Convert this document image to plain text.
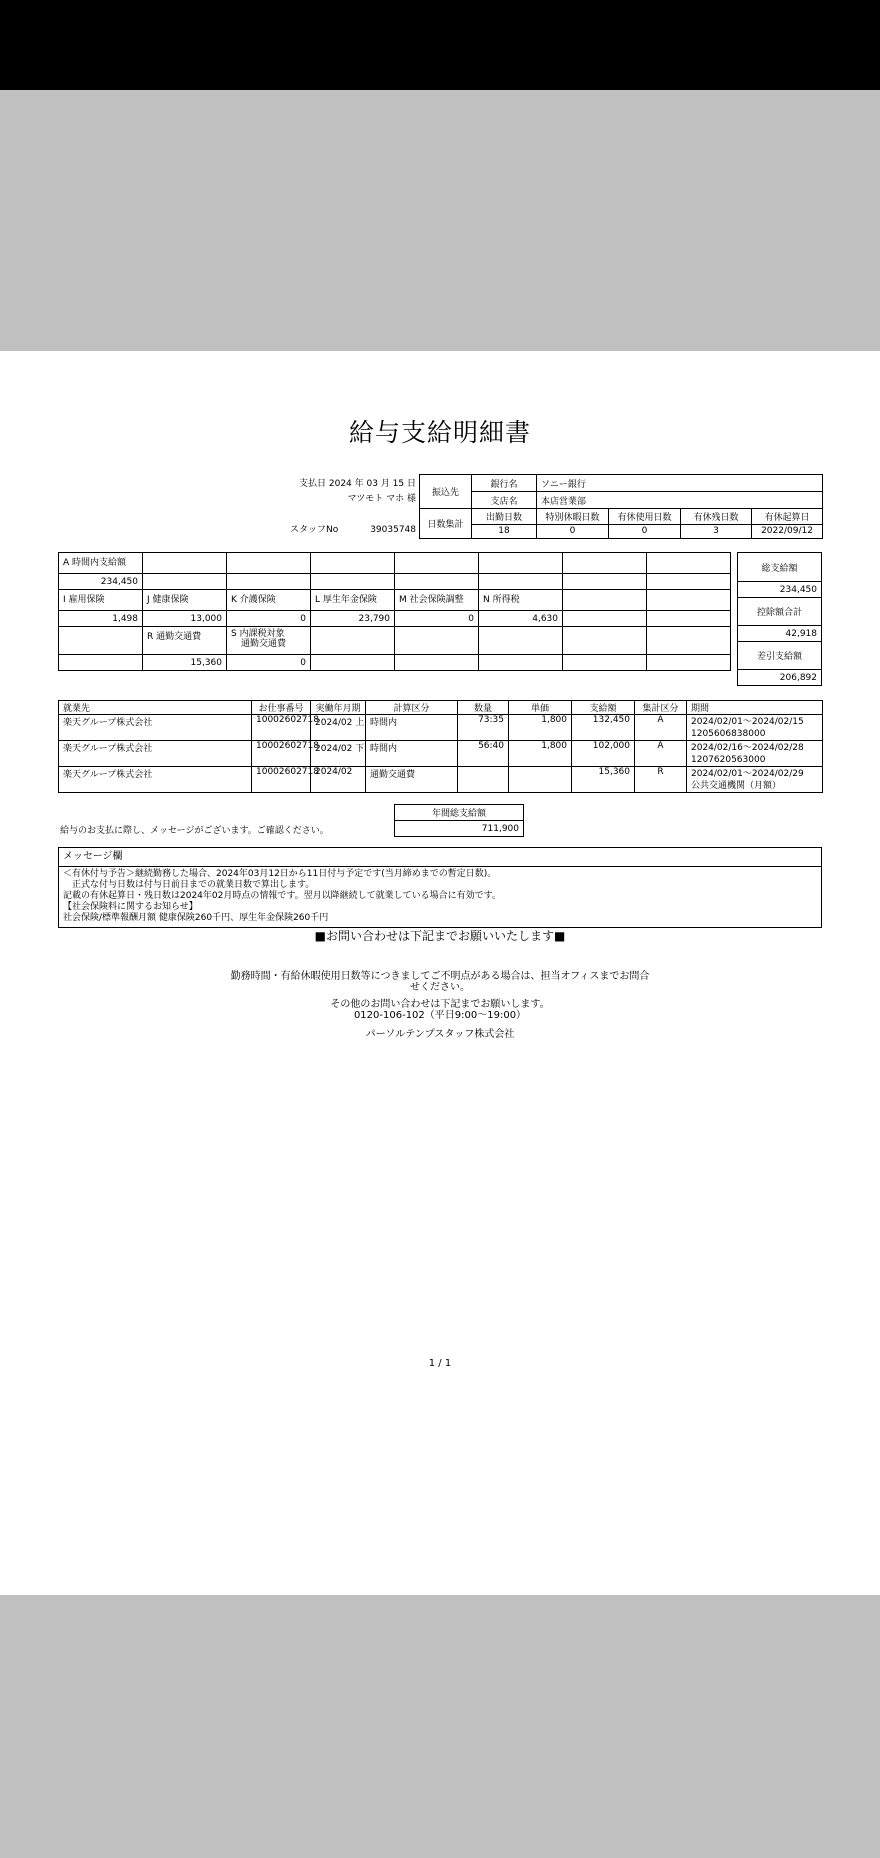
給与支給明細書
支払日 2024 年 03 月 15 日
マツモト マホ 様
スタッフNo	39035748
振込先	銀行名	ソニー銀行			
	支店名	本店営業部			
日数集計	出勤日数	特別休暇日数	有休使用日数	有休残日数	有休起算日
	18	0	0	3	2022/09/12
A 時間内支給額							
234,450							
I 雇用保険	J 健康保険	K 介護保険	L 厚生年金保険	M 社会保険調整	N 所得税		
1,498	13,000	0	23,790	0	4,630		
	R 通勤交通費	S 内課税対象
通勤交通費					

	15,360	0					
総支給額
234,450
控除額合計
42,918
差引支給額
206,892
就業先	お仕事番号	実働年月期	計算区分	数量	単価	支給額	集計区分	期間
楽天グループ株式会社	10002602718	2024/02 上	時間内	73:35	1,800	132,450	A	2024/02/01～2024/02/15
1205606838000

楽天グループ株式会社	10002602718	2024/02 下	時間内	56:40	1,800	102,000	A	2024/02/16～2024/02/28
1207620563000

楽天グループ株式会社	10002602718	2024/02	通勤交通費			15,360	R	2024/02/01～2024/02/29
公共交通機関（月額）
年間総支給額
711,900
給与のお支払に際し、メッセージがございます。ご確認ください。
メッセージ欄
＜有休付与予告＞継続勤務した場合、2024年03月12日から11日付与予定です(当月締めまでの暫定日数)。
　正式な付与日数は付与日前日までの就業日数で算出します。
記載の有休起算日・残日数は2024年02月時点の情報です。翌月以降継続して就業している場合に有効です。
【社会保険料に関するお知らせ】
社会保険/標準報酬月額 健康保険260千円、厚生年金保険260千円
■お問い合わせは下記までお願いいたします■
勤務時間・有給休暇使用日数等につきましてご不明点がある場合は、担当オフィスまでお問合
せください。
その他のお問い合わせは下記までお願いします。
0120-106-102（平日9:00～19:00）
パーソルテンプスタッフ株式会社
1 / 1
